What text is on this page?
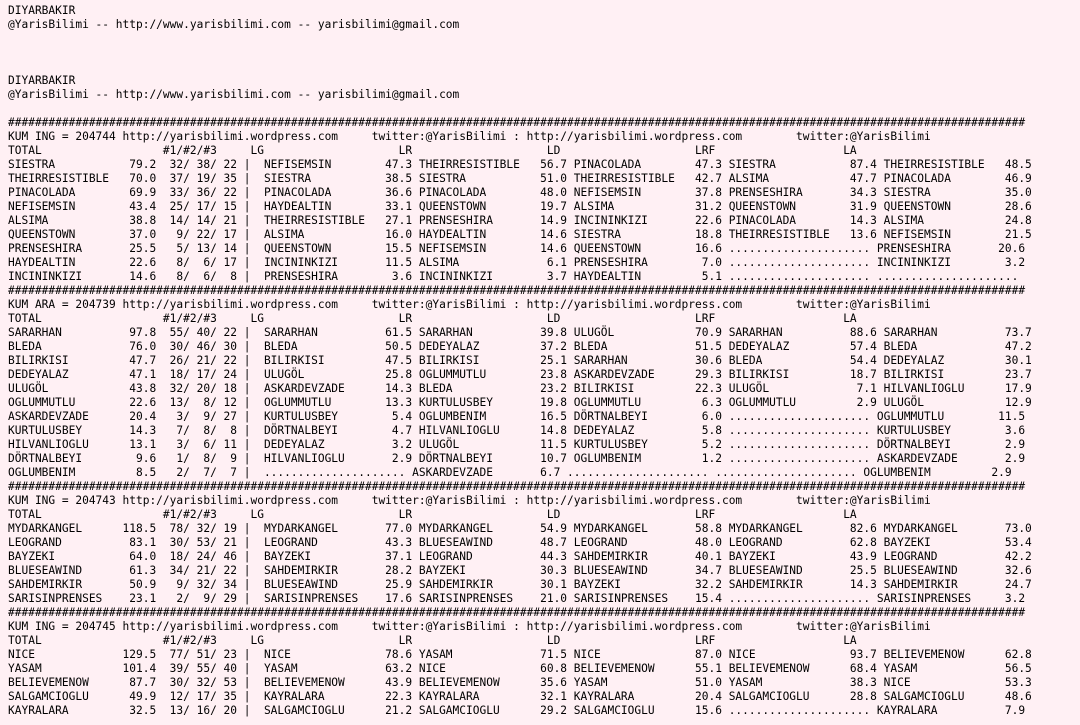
DIYARBAKIR
@YarisBilimi -- http://www.yarisbilimi.com -- yarisbilimi@gmail.com
DIYARBAKIR
@YarisBilimi -- http://www.yarisbilimi.com -- yarisbilimi@gmail.com
#######################################################################################################################################################
KUM ING = 204744 http://yarisbilimi.wordpress.com     twitter:@YarisBilimi : http://yarisbilimi.wordpress.com        twitter:@YarisBilimi
TOTAL                  #1/#2/#3     LG                    LR                    LD                    LRF                   LA
SIESTRA           79.2  32/ 38/ 22 |  NEFISEMSIN        47.3 THEIRRESISTIBLE   56.7 PINACOLADA        47.3 SIESTRA           87.4 THEIRRESISTIBLE   48.5
THEIRRESISTIBLE   70.0  37/ 19/ 35 |  SIESTRA           38.5 SIESTRA           51.0 THEIRRESISTIBLE   42.7 ALSIMA            47.7 PINACOLADA        46.9
PINACOLADA        69.9  33/ 36/ 22 |  PINACOLADA        36.6 PINACOLADA        48.0 NEFISEMSIN        37.8 PRENSESHIRA       34.3 SIESTRA           35.0
NEFISEMSIN        43.4  25/ 17/ 15 |  HAYDEALTIN        33.1 QUEENSTOWN        19.7 ALSIMA            31.2 QUEENSTOWN        31.9 QUEENSTOWN        28.6
ALSIMA            38.8  14/ 14/ 21 |  THEIRRESISTIBLE   27.1 PRENSESHIRA       14.9 INCININKIZI       22.6 PINACOLADA        14.3 ALSIMA            24.8
QUEENSTOWN        37.0   9/ 22/ 17 |  ALSIMA            16.0 HAYDEALTIN        14.6 SIESTRA           18.8 THEIRRESISTIBLE   13.6 NEFISEMSIN        21.5
PRENSESHIRA       25.5   5/ 13/ 14 |  QUEENSTOWN        15.5 NEFISEMSIN        14.6 QUEENSTOWN        16.6 ..................... PRENSESHIRA       20.6
HAYDEALTIN        22.6   8/  6/ 17 |  INCININKIZI       11.5 ALSIMA             6.1 PRENSESHIRA        7.0 ..................... INCININKIZI        3.2
INCININKIZI       14.6   8/  6/  8 |  PRENSESHIRA        3.6 INCININKIZI        3.7 HAYDEALTIN         5.1 ..................... .....................
#######################################################################################################################################################
KUM ARA = 204739 http://yarisbilimi.wordpress.com     twitter:@YarisBilimi : http://yarisbilimi.wordpress.com        twitter:@YarisBilimi
TOTAL                  #1/#2/#3     LG                    LR                    LD                    LRF                   LA
SARARHAN          97.8  55/ 40/ 22 |  SARARHAN          61.5 SARARHAN          39.8 ULUGÖL            70.9 SARARHAN          88.6 SARARHAN          73.7
BLEDA             76.0  30/ 46/ 30 |  BLEDA             50.5 DEDEYALAZ         37.2 BLEDA             51.5 DEDEYALAZ         57.4 BLEDA             47.2
BILIRKISI         47.7  26/ 21/ 22 |  BILIRKISI         47.5 BILIRKISI         25.1 SARARHAN          30.6 BLEDA             54.4 DEDEYALAZ         30.1
DEDEYALAZ         47.1  18/ 17/ 24 |  ULUGÖL            25.8 OGLUMMUTLU        23.8 ASKARDEVZADE      29.3 BILIRKISI         18.7 BILIRKISI         23.7
ULUGÖL            43.8  32/ 20/ 18 |  ASKARDEVZADE      14.3 BLEDA             23.2 BILIRKISI         22.3 ULUGÖL             7.1 HILVANLIOGLU      17.9
OGLUMMUTLU        22.6  13/  8/ 12 |  OGLUMMUTLU        13.3 KURTULUSBEY       19.8 OGLUMMUTLU         6.3 OGLUMMUTLU         2.9 ULUGÖL            12.9
ASKARDEVZADE      20.4   3/  9/ 27 |  KURTULUSBEY        5.4 OGLUMBENIM        16.5 DÖRTNALBEYI        6.0 ..................... OGLUMMUTLU        11.5
KURTULUSBEY       14.3   7/  8/  8 |  DÖRTNALBEYI        4.7 HILVANLIOGLU      14.8 DEDEYALAZ          5.8 ..................... KURTULUSBEY        3.6
HILVANLIOGLU      13.1   3/  6/ 11 |  DEDEYALAZ          3.2 ULUGÖL            11.5 KURTULUSBEY        5.2 ..................... DÖRTNALBEYI        2.9
DÖRTNALBEYI        9.6   1/  8/  9 |  HILVANLIOGLU       2.9 DÖRTNALBEYI       10.7 OGLUMBENIM         1.2 ..................... ASKARDEVZADE       2.9
OGLUMBENIM         8.5   2/  7/  7 |  ..................... ASKARDEVZADE       6.7 ..................... ..................... OGLUMBENIM         2.9
#######################################################################################################################################################
KUM ING = 204743 http://yarisbilimi.wordpress.com     twitter:@YarisBilimi : http://yarisbilimi.wordpress.com        twitter:@YarisBilimi
TOTAL                  #1/#2/#3     LG                    LR                    LD                    LRF                   LA
MYDARKANGEL      118.5  78/ 32/ 19 |  MYDARKANGEL       77.0 MYDARKANGEL       54.9 MYDARKANGEL       58.8 MYDARKANGEL       82.6 MYDARKANGEL       73.0
LEOGRAND          83.1  30/ 53/ 21 |  LEOGRAND          43.3 BLUESEAWIND       48.7 LEOGRAND          48.0 LEOGRAND          62.8 BAYZEKI           53.4
BAYZEKI           64.0  18/ 24/ 46 |  BAYZEKI           37.1 LEOGRAND          44.3 SAHDEMIRKIR       40.1 BAYZEKI           43.9 LEOGRAND          42.2
BLUESEAWIND       61.3  34/ 21/ 22 |  SAHDEMIRKIR       28.2 BAYZEKI           30.3 BLUESEAWIND       34.7 BLUESEAWIND       25.5 BLUESEAWIND       32.6
SAHDEMIRKIR       50.9   9/ 32/ 34 |  BLUESEAWIND       25.9 SAHDEMIRKIR       30.1 BAYZEKI           32.2 SAHDEMIRKIR       14.3 SAHDEMIRKIR       24.7
SARISINPRENSES    23.1   2/  9/ 29 |  SARISINPRENSES    17.6 SARISINPRENSES    21.0 SARISINPRENSES    15.4 ..................... SARISINPRENSES     3.2
#######################################################################################################################################################
KUM ING = 204745 http://yarisbilimi.wordpress.com     twitter:@YarisBilimi : http://yarisbilimi.wordpress.com        twitter:@YarisBilimi
TOTAL                  #1/#2/#3     LG                    LR                    LD                    LRF                   LA
NICE             129.5  77/ 51/ 23 |  NICE              78.6 YASAM             71.5 NICE              87.0 NICE              93.7 BELIEVEMENOW      62.8
YASAM            101.4  39/ 55/ 40 |  YASAM             63.2 NICE              60.8 BELIEVEMENOW      55.1 BELIEVEMENOW      68.4 YASAM             56.5
BELIEVEMENOW      87.7  30/ 32/ 53 |  BELIEVEMENOW      43.9 BELIEVEMENOW      35.6 YASAM             51.0 YASAM             38.3 NICE              53.3
SALGAMCIOGLU      49.9  12/ 17/ 35 |  KAYRALARA         22.3 KAYRALARA         32.1 KAYRALARA         20.4 SALGAMCIOGLU      28.8 SALGAMCIOGLU      48.6
KAYRALARA         32.5  13/ 16/ 20 |  SALGAMCIOGLU      21.2 SALGAMCIOGLU      29.2 SALGAMCIOGLU      15.6 ..................... KAYRALARA          7.9
